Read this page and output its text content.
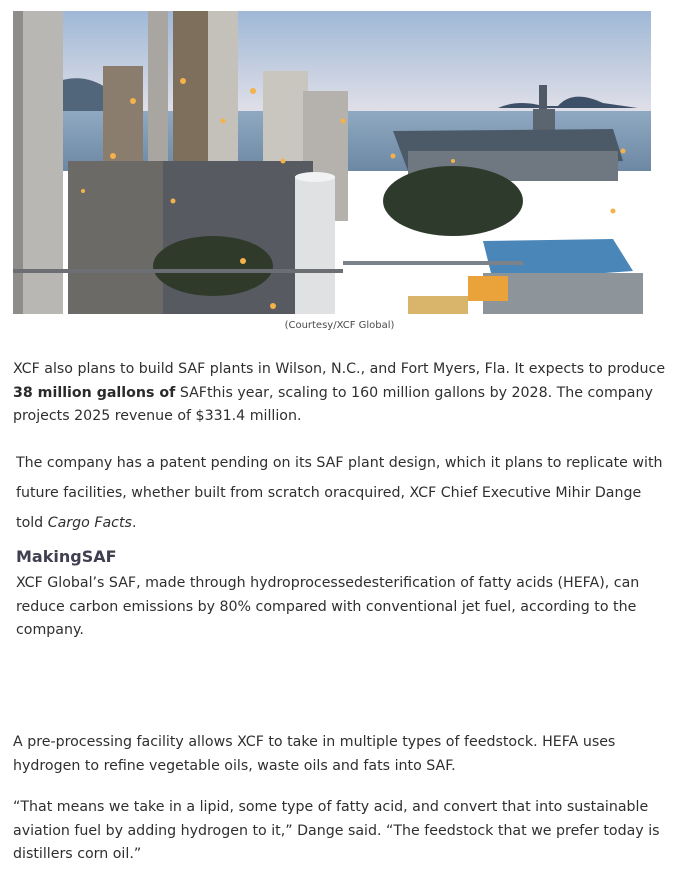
(Courtesy/XCF Global)

XCF also plans to build SAF plants in Wilson, N.C., and Fort Myers, Fla. It expects to produce 38 million gallons of SAFthis year, scaling to 160 million gallons by 2028. The company projects 2025 revenue of $331.4 million.

The company has a patent pending on its SAF plant design, which it plans to replicate with future facilities, whether built from scratch oracquired, XCF Chief Executive Mihir Dange told Cargo Facts.

MakingSAF

XCF Global’s SAF, made through hydroprocessedesterification of fatty acids (HEFA), can reduce carbon emissions by 80% compared with conventional jet fuel, according to the company.

A pre-processing facility allows XCF to take in multiple types of feedstock. HEFA uses hydrogen to refine vegetable oils, waste oils and fats into SAF.

“That means we take in a lipid, some type of fatty acid, and convert that into sustainable aviation fuel by adding hydrogen to it,” Dange said. “The feedstock that we prefer today is distillers corn oil.”
